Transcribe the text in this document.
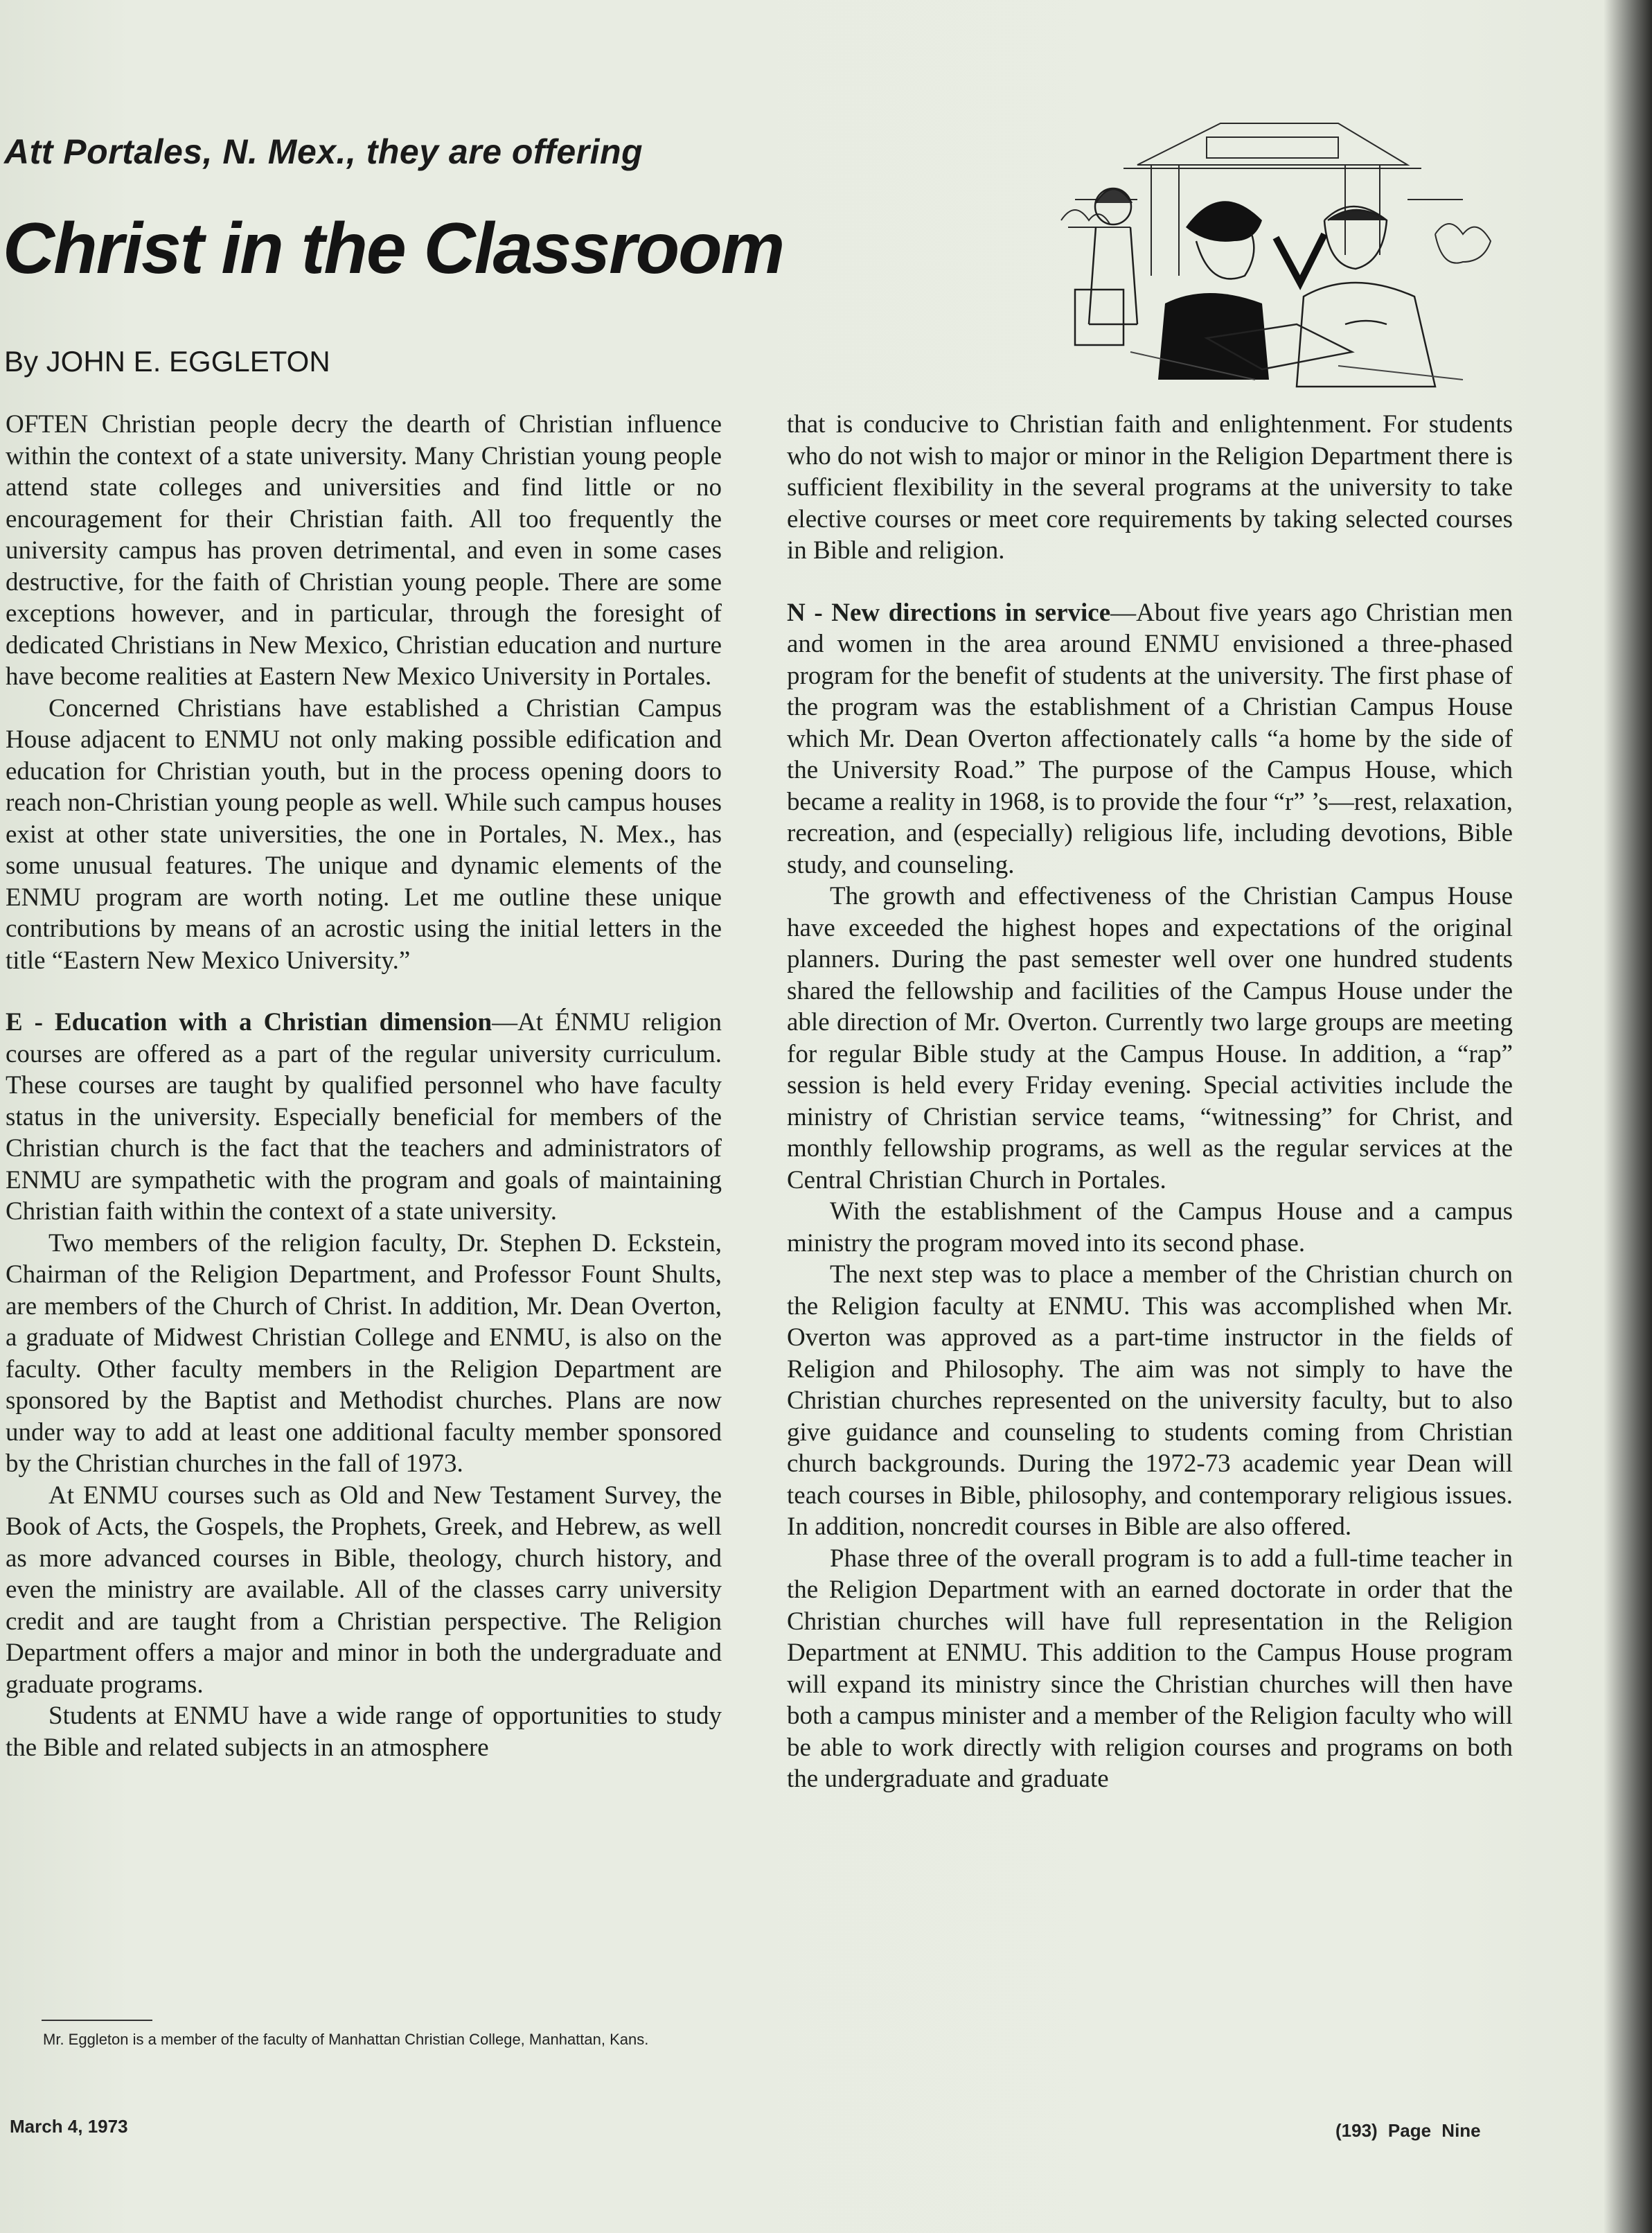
Att Portales, N. Mex., they are offering
Christ in the Classroom
By JOHN E. EGGLETON

OFTEN Christian people decry the dearth of Christian influence within the context of a state university. Many Christian young people attend state colleges and universities and find little or no encouragement for their Christian faith. All too frequently the university campus has proven detrimental, and even in some cases destructive, for the faith of Christian young people. There are some exceptions however, and in particular, through the foresight of dedicated Christians in New Mexico, Christian education and nurture have become realities at Eastern New Mexico University in Portales.

Concerned Christians have established a Christian Campus House adjacent to ENMU not only making possible edification and education for Christian youth, but in the process opening doors to reach non-Christian young people as well. While such campus houses exist at other state universities, the one in Portales, N. Mex., has some unusual features. The unique and dynamic elements of the ENMU program are worth noting. Let me outline these unique contributions by means of an acrostic using the initial letters in the title “Eastern New Mexico University.”

E - Education with a Christian dimension—At ÉNMU religion courses are offered as a part of the regular university curriculum. These courses are taught by qualified personnel who have faculty status in the university. Especially beneficial for members of the Christian church is the fact that the teachers and administrators of ENMU are sympathetic with the program and goals of maintaining Christian faith within the context of a state university.

Two members of the religion faculty, Dr. Stephen D. Eckstein, Chairman of the Religion Department, and Professor Fount Shults, are members of the Church of Christ. In addition, Mr. Dean Overton, a graduate of Midwest Christian College and ENMU, is also on the faculty. Other faculty members in the Religion Department are sponsored by the Baptist and Methodist churches. Plans are now under way to add at least one additional faculty member sponsored by the Christian churches in the fall of 1973.

At ENMU courses such as Old and New Testament Survey, the Book of Acts, the Gospels, the Prophets, Greek, and Hebrew, as well as more advanced courses in Bible, theology, church history, and even the ministry are available. All of the classes carry university credit and are taught from a Christian perspective. The Religion Department offers a major and minor in both the undergraduate and graduate programs.

Students at ENMU have a wide range of opportunities to study the Bible and related subjects in an atmosphere

that is conducive to Christian faith and enlightenment. For students who do not wish to major or minor in the Religion Department there is sufficient flexibility in the several programs at the university to take elective courses or meet core requirements by taking selected courses in Bible and religion.

N - New directions in service—About five years ago Christian men and women in the area around ENMU envisioned a three-phased program for the benefit of students at the university. The first phase of the program was the establishment of a Christian Campus House which Mr. Dean Overton affectionately calls “a home by the side of the University Road.” The purpose of the Campus House, which became a reality in 1968, is to provide the four “r” ’s—rest, relaxation, recreation, and (especially) religious life, including devotions, Bible study, and counseling.

The growth and effectiveness of the Christian Campus House have exceeded the highest hopes and expectations of the original planners. During the past semester well over one hundred students shared the fellowship and facilities of the Campus House under the able direction of Mr. Overton. Currently two large groups are meeting for regular Bible study at the Campus House. In addition, a “rap” session is held every Friday evening. Special activities include the ministry of Christian service teams, “witnessing” for Christ, and monthly fellowship programs, as well as the regular services at the Central Christian Church in Portales.

With the establishment of the Campus House and a campus ministry the program moved into its second phase.

The next step was to place a member of the Christian church on the Religion faculty at ENMU. This was accomplished when Mr. Overton was approved as a part-time instructor in the fields of Religion and Philosophy. The aim was not simply to have the Christian churches represented on the university faculty, but to also give guidance and counseling to students coming from Christian church backgrounds. During the 1972-73 academic year Dean will teach courses in Bible, philosophy, and contemporary religious issues. In addition, noncredit courses in Bible are also offered.

Phase three of the overall program is to add a full-time teacher in the Religion Department with an earned doctorate in order that the Christian churches will have full representation in the Religion Department at ENMU. This addition to the Campus House program will expand its ministry since the Christian churches will then have both a campus minister and a member of the Religion faculty who will be able to work directly with religion courses and programs on both the undergraduate and graduate

Mr. Eggleton is a member of the faculty of Manhattan Christian College, Manhattan, Kans.
March 4, 1973	(193) Page Nine
